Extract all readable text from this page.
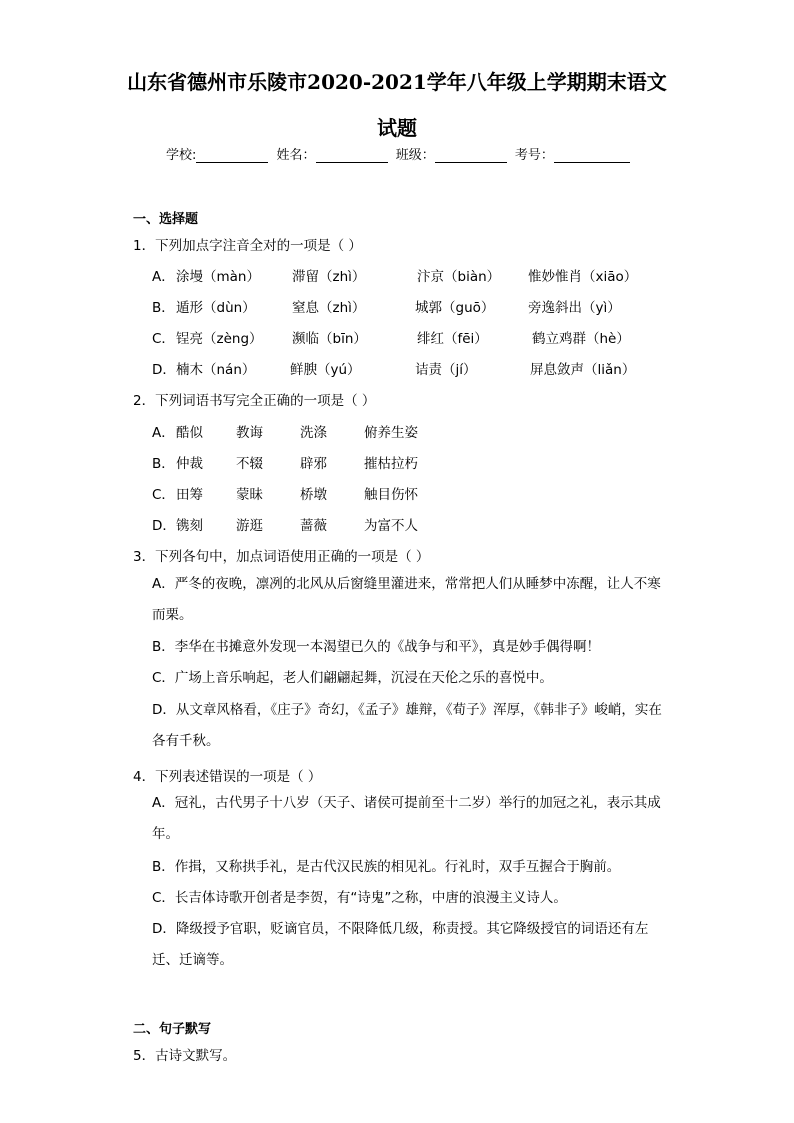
山东省德州市乐陵市2020-2021学年八年级上学期期末语文
试题
学校:	姓名：	班级：	考号：
一、选择题
1．下列加点字注音全对的一项是（ ）
A． 涂墁（màn） 滞留（zhì）	汴京（biàn） 惟妙惟肖（xiāo）
B． 遁形（dùn）	窒息（zhì）	城郭（guō） 旁逸斜出（yì）
C． 锃亮（zèng） 濒临（bīn）	绯红（fēi）	鹤立鸡群（hè）
D． 楠木（nán）	鲜腴（yú）	诘责（jí）	屏息敛声（liǎn）
2．下列词语书写完全正确的一项是（ ）
A． 酷似 教诲	洗涤	俯养生姿
B． 仲裁 不辍	辟邪	摧枯拉朽
C． 田筹 蒙昧	桥墩	触目伤怀
D． 镌刻 游逛	蔷薇	为富不人
3．下列各句中，加点词语使用正确的一项是（ ）
A．严冬的夜晚，凛冽的北风从后窗缝里灌进来，常常把人们从睡梦中冻醒，让人不寒而栗。
B．李华在书摊意外发现一本渴望已久的《战争与和平》，真是妙手偶得啊！
C．广场上音乐响起，老人们翩翩起舞，沉浸在天伦之乐的喜悦中。
D．从文章风格看，《庄子》奇幻，《孟子》雄辩，《荀子》浑厚，《韩非子》峻峭，实在各有千秋。
4．下列表述错误的一项是（ ）
A．冠礼，古代男子十八岁（天子、诸侯可提前至十二岁）举行的加冠之礼，表示其成年。
B．作揖，又称拱手礼，是古代汉民族的相见礼。行礼时，双手互握合于胸前。
C．长吉体诗歌开创者是李贺，有“诗鬼”之称，中唐的浪漫主义诗人。
D．降级授予官职，贬谪官员，不限降低几级，称责授。其它降级授官的词语还有左迁、迁谪等。
二、句子默写
5．古诗文默写。
